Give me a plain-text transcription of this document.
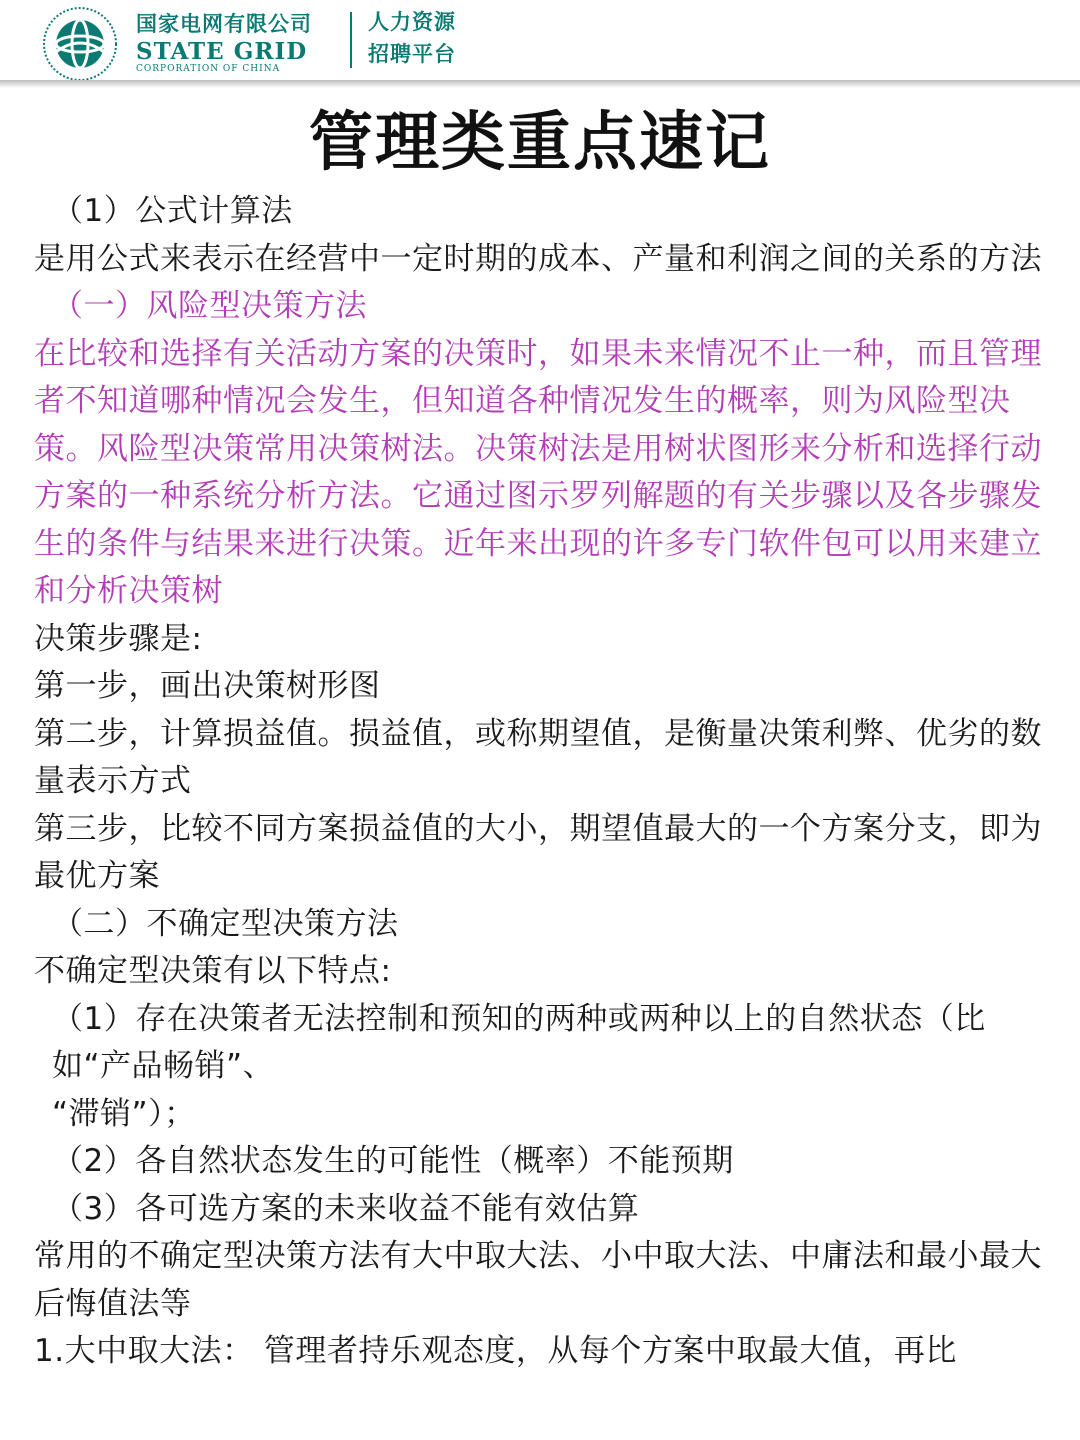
国家电网有限公司
STATE GRID
CORPORATION OF CHINA
人力资源
招聘平台
管理类重点速记

（1）公式计算法

是用公式来表示在经营中一定时期的成本、产量和利润之间的关系的方法

（一）风险型决策方法

在比较和选择有关活动方案的决策时，如果未来情况不止一种，而且管理者不知道哪种情况会发生，但知道各种情况发生的概率，则为风险型决策。风险型决策常用决策树法。决策树法是用树状图形来分析和选择行动方案的一种系统分析方法。它通过图示罗列解题的有关步骤以及各步骤发生的条件与结果来进行决策。近年来出现的许多专门软件包可以用来建立和分析决策树

决策步骤是:

第一步，画出决策树形图

第二步，计算损益值。损益值，或称期望值，是衡量决策利弊、优劣的数量表示方式

第三步，比较不同方案损益值的大小，期望值最大的一个方案分支，即为最优方案

（二）不确定型决策方法

不确定型决策有以下特点:

（1）存在决策者无法控制和预知的两种或两种以上的自然状态（比如“产品畅销”、

“滞销”）；

（2）各自然状态发生的可能性（概率）不能预期

（3）各可选方案的未来收益不能有效估算

常用的不确定型决策方法有大中取大法、小中取大法、中庸法和最小最大后悔值法等

1.大中取大法： 管理者持乐观态度，从每个方案中取最大值，再比
